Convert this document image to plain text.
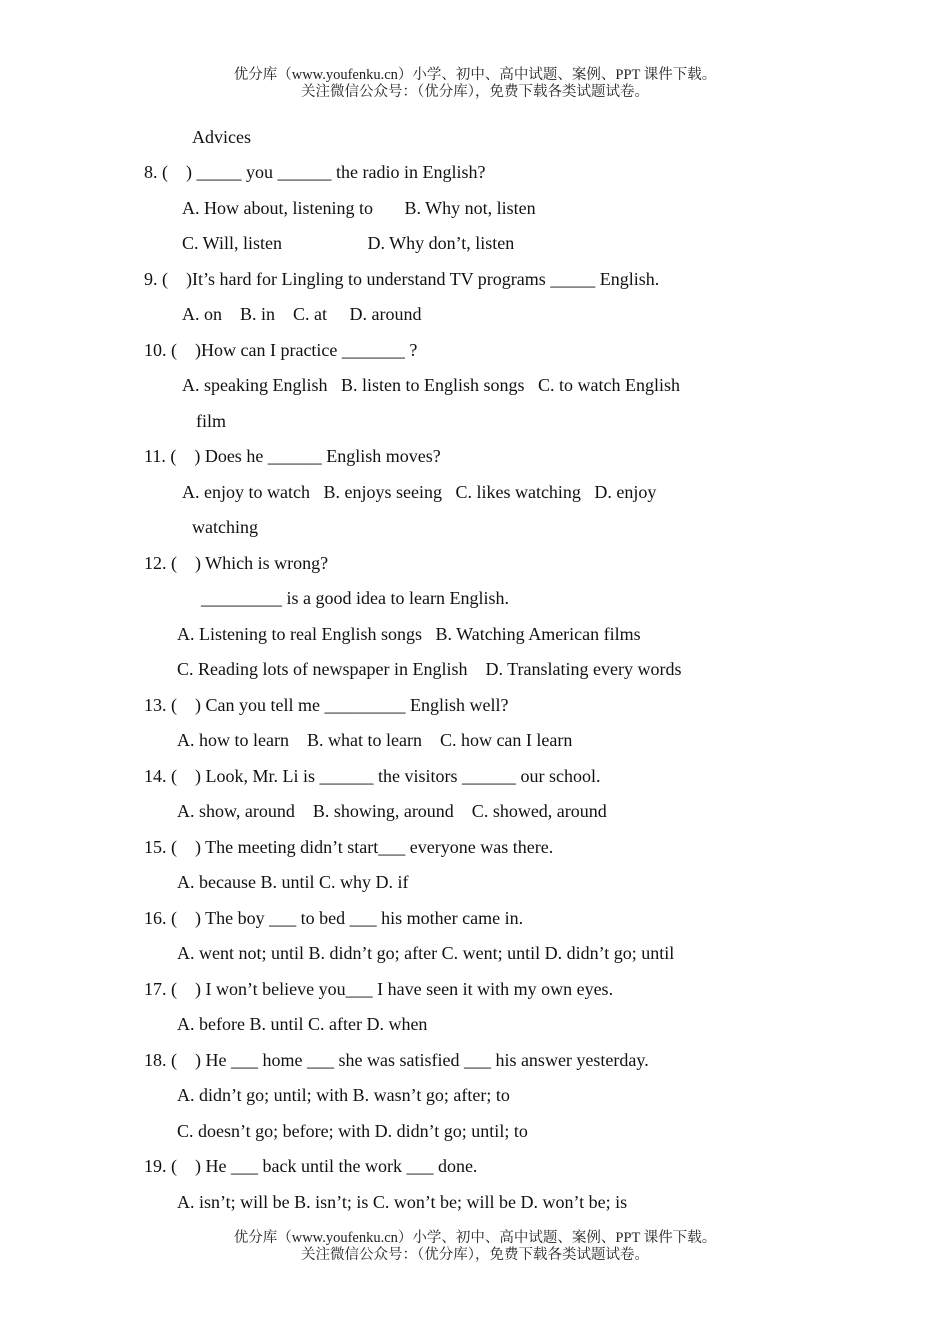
优分库（www.youfenku.cn）小学、初中、高中试题、案例、PPT 课件下载。
关注微信公众号：（优分库），免费下载各类试题试卷。
Advices
8. (    ) _____ you ______ the radio in English?
A. How about, listening to       B. Why not, listen
C. Will, listen                   D. Why don’t, listen
9. (    )It’s hard for Lingling to understand TV programs _____ English.
A. on    B. in    C. at     D. around
10. (    )How can I practice _______ ?
A. speaking English   B. listen to English songs   C. to watch English
film
11. (    ) Does he ______ English moves?
A. enjoy to watch   B. enjoys seeing   C. likes watching   D. enjoy
watching
12. (    ) Which is wrong?
_________ is a good idea to learn English.
A. Listening to real English songs   B. Watching American films
C. Reading lots of newspaper in English    D. Translating every words
13. (    ) Can you tell me _________ English well?
A. how to learn    B. what to learn    C. how can I learn
14. (    ) Look, Mr. Li is ______ the visitors ______ our school.
A. show, around    B. showing, around    C. showed, around
15. (    ) The meeting didn’t start___ everyone was there.
A. because B. until C. why D. if
16. (    ) The boy ___ to bed ___ his mother came in.
A. went not; until B. didn’t go; after C. went; until D. didn’t go; until
17. (    ) I won’t believe you___ I have seen it with my own eyes.
A. before B. until C. after D. when
18. (    ) He ___ home ___ she was satisfied ___ his answer yesterday.
A. didn’t go; until; with B. wasn’t go; after; to
C. doesn’t go; before; with D. didn’t go; until; to
19. (    ) He ___ back until the work ___ done.
A. isn’t; will be B. isn’t; is C. won’t be; will be D. won’t be; is
优分库（www.youfenku.cn）小学、初中、高中试题、案例、PPT 课件下载。
关注微信公众号：（优分库），免费下载各类试题试卷。
